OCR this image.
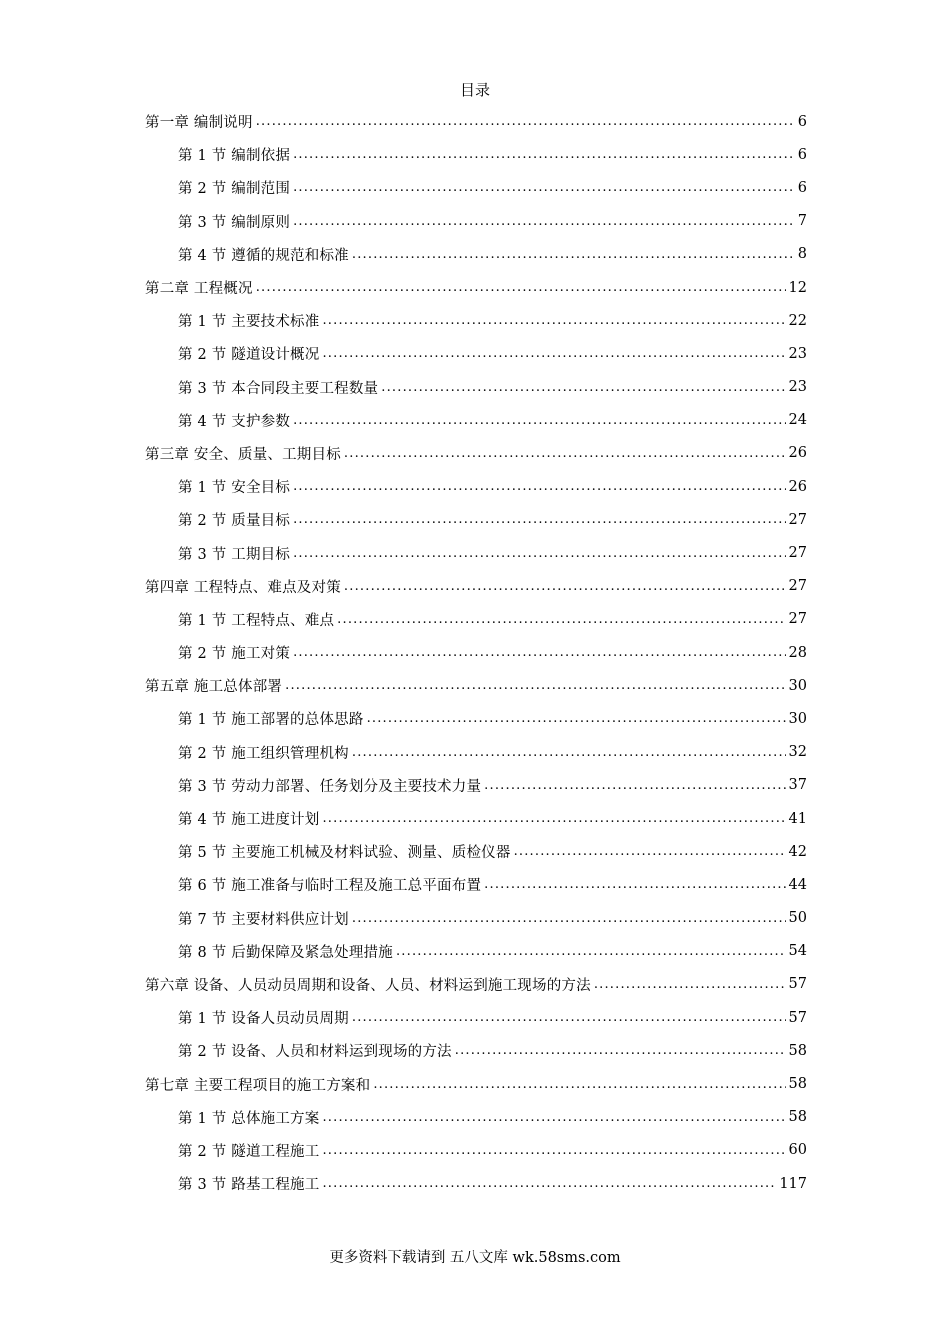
目录
第一章 编制说明 .....	6
第 1 节 编制依据 .....	6
第 2 节 编制范围 .....	6
第 3 节 编制原则 .....	7
第 4 节 遵循的规范和标准 .....	8
第二章 工程概况 .....	12
第 1 节 主要技术标准 .....	22
第 2 节 隧道设计概况 .....	23
第 3 节 本合同段主要工程数量 .....	23
第 4 节 支护参数 .....	24
第三章 安全、质量、工期目标 .....	26
第 1 节 安全目标 .....	26
第 2 节 质量目标 .....	27
第 3 节 工期目标 .....	27
第四章 工程特点、难点及对策 .....	27
第 1 节 工程特点、难点 .....	27
第 2 节 施工对策 .....	28
第五章 施工总体部署 .....	30
第 1 节 施工部署的总体思路 .....	30
第 2 节 施工组织管理机构 .....	32
第 3 节 劳动力部署、任务划分及主要技术力量 .....	37
第 4 节 施工进度计划 .....	41
第 5 节 主要施工机械及材料试验、测量、质检仪器 .....	42
第 6 节 施工准备与临时工程及施工总平面布置 .....	44
第 7 节 主要材料供应计划 .....	50
第 8 节 后勤保障及紧急处理措施 .....	54
第六章 设备、人员动员周期和设备、人员、材料运到施工现场的方法 .....	57
第 1 节 设备人员动员周期 .....	57
第 2 节 设备、人员和材料运到现场的方法 .....	58
第七章 主要工程项目的施工方案和 .....	58
第 1 节 总体施工方案 .....	58
第 2 节 隧道工程施工 .....	60
第 3 节 路基工程施工 .....	117
更多资料下载请到 五八文库 wk.58sms.com
